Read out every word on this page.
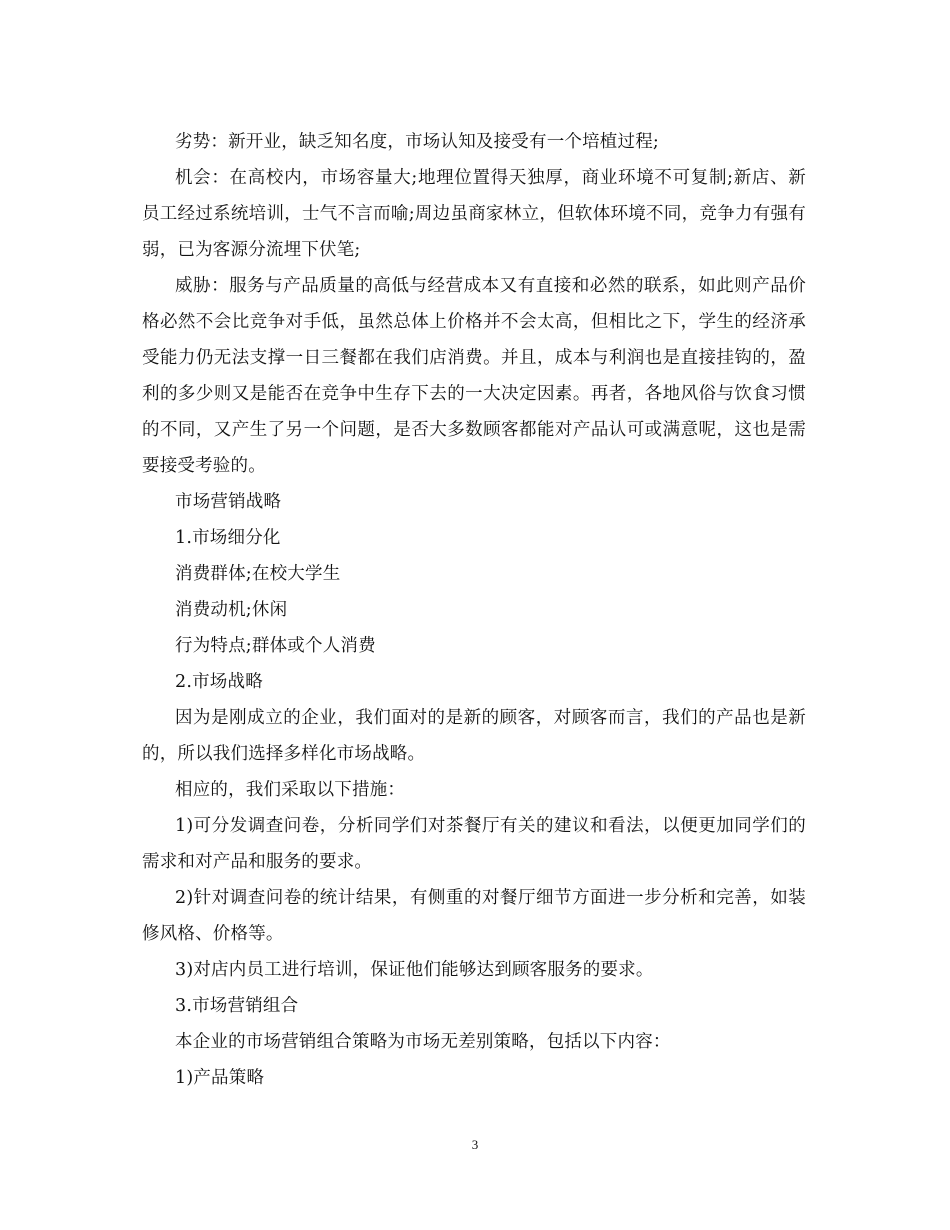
劣势：新开业，缺乏知名度，市场认知及接受有一个培植过程;

机会：在高校内，市场容量大;地理位置得天独厚，商业环境不可复制;新店、新员工经过系统培训，士气不言而喻;周边虽商家林立，但软体环境不同，竞争力有强有弱，已为客源分流埋下伏笔;

威胁：服务与产品质量的高低与经营成本又有直接和必然的联系，如此则产品价格必然不会比竞争对手低，虽然总体上价格并不会太高，但相比之下，学生的经济承受能力仍无法支撑一日三餐都在我们店消费。并且，成本与利润也是直接挂钩的，盈利的多少则又是能否在竞争中生存下去的一大决定因素。再者，各地风俗与饮食习惯的不同，又产生了另一个问题，是否大多数顾客都能对产品认可或满意呢，这也是需要接受考验的。

市场营销战略

1.市场细分化

消费群体;在校大学生

消费动机;休闲

行为特点;群体或个人消费

2.市场战略

因为是刚成立的企业，我们面对的是新的顾客，对顾客而言，我们的产品也是新的，所以我们选择多样化市场战略。

相应的，我们采取以下措施：

1)可分发调查问卷，分析同学们对茶餐厅有关的建议和看法，以便更加同学们的需求和对产品和服务的要求。

2)针对调查问卷的统计结果，有侧重的对餐厅细节方面进一步分析和完善，如装修风格、价格等。

3)对店内员工进行培训，保证他们能够达到顾客服务的要求。

3.市场营销组合

本企业的市场营销组合策略为市场无差别策略，包括以下内容：

1)产品策略

3
